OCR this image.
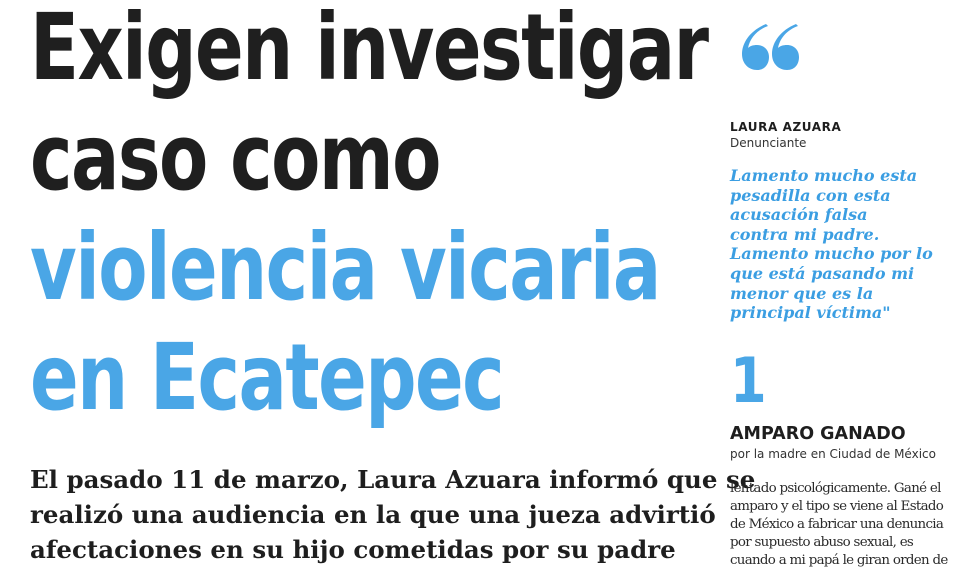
Exigen investigar
caso como
violencia vicaria
en Ecatepec
El pasado 11 de marzo, Laura Azuara informó que se
realizó una audiencia en la que una jueza advirtió
afectaciones en su hijo cometidas por su padre
LAURA AZUARA
Denunciante
Lamento mucho esta
pesadilla con esta
acusación falsa
contra mi padre.
Lamento mucho por lo
que está pasando mi
menor que es la
principal víctima"
1
AMPARO GANADO
por la madre en Ciudad de México
lentado psicológicamente. Gané el
amparo y el tipo se viene al Estado
de México a fabricar una denuncia
por supuesto abuso sexual, es
cuando a mi papá le giran orden de
